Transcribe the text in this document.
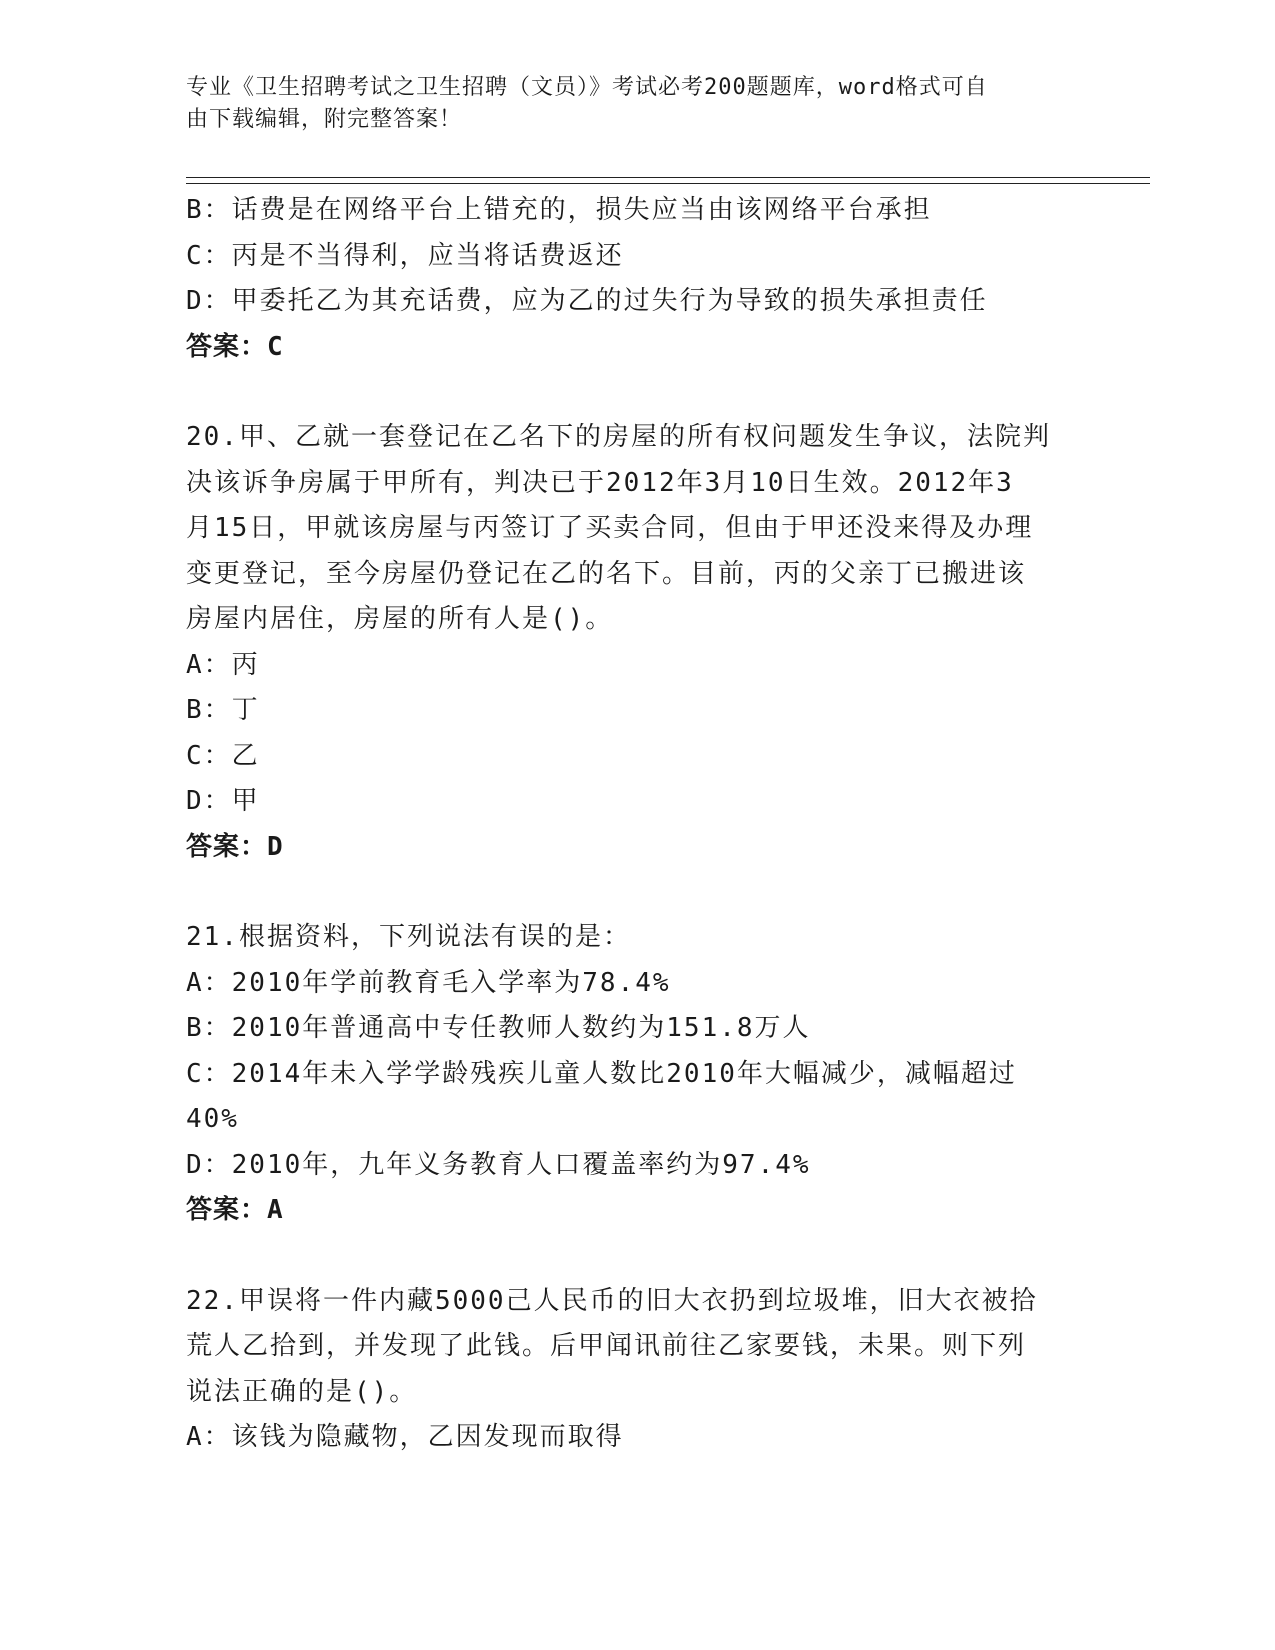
专业《卫生招聘考试之卫生招聘（文员）》考试必考200题题库，word格式可自
由下载编辑，附完整答案！

B：话费是在网络平台上错充的，损失应当由该网络平台承担

C：丙是不当得利，应当将话费返还

D：甲委托乙为其充话费，应为乙的过失行为导致的损失承担责任

答案：C

20.甲、乙就一套登记在乙名下的房屋的所有权问题发生争议，法院判

决该诉争房属于甲所有，判决已于2012年3月10日生效。2012年3

月15日，甲就该房屋与丙签订了买卖合同，但由于甲还没来得及办理

变更登记，至今房屋仍登记在乙的名下。目前，丙的父亲丁已搬进该

房屋内居住，房屋的所有人是()。

A：丙

B：丁

C：乙

D：甲

答案：D

21.根据资料，下列说法有误的是：

A：2010年学前教育毛入学率为78.4%

B：2010年普通高中专任教师人数约为151.8万人

C：2014年未入学学龄残疾儿童人数比2010年大幅减少，减幅超过

40%

D：2010年，九年义务教育人口覆盖率约为97.4%

答案：A

22.甲误将一件内藏5000己人民币的旧大衣扔到垃圾堆，旧大衣被拾

荒人乙拾到，并发现了此钱。后甲闻讯前往乙家要钱，未果。则下列

说法正确的是()。

A：该钱为隐藏物，乙因发现而取得
